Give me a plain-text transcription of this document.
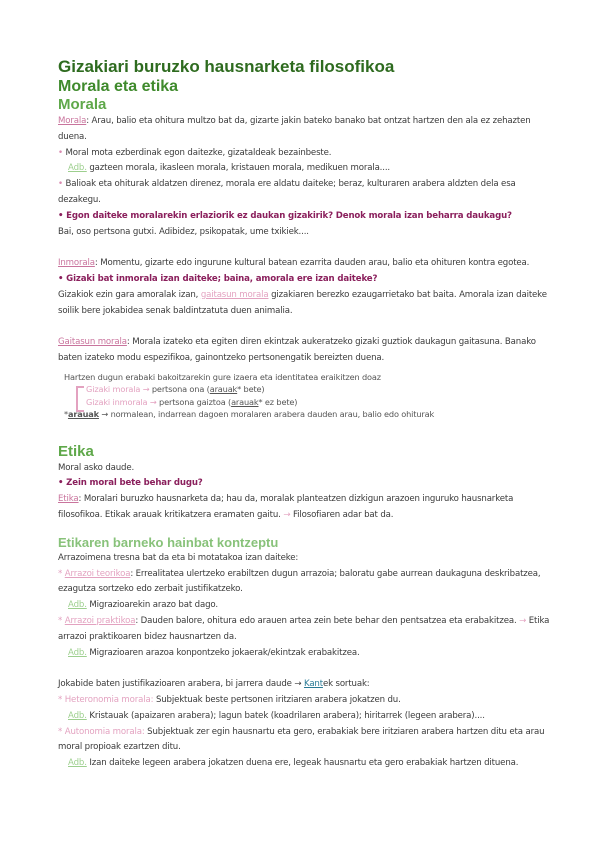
Gizakiari buruzko hausnarketa filosofikoa
Morala eta etika
Morala

Morala: Arau, balio eta ohitura multzo bat da, gizarte jakin bateko banako bat ontzat hartzen den ala ez zehazten duena.

• Moral mota ezberdinak egon daitezke, gizataldeak bezainbeste.

Adb. gazteen morala, ikasleen morala, kristauen morala, medikuen morala....

• Balioak eta ohiturak aldatzen direnez, morala ere aldatu daiteke; beraz, kulturaren arabera aldzten dela esa dezakegu.

• Egon daiteke moralarekin erlaziorik ez daukan gizakirik? Denok morala izan beharra daukagu?

Bai, oso pertsona gutxi. Adibidez, psikopatak, ume txikiek....

Inmorala: Momentu, gizarte edo ingurune kultural batean ezarrita dauden arau, balio eta ohituren kontra egotea.

• Gizaki bat inmorala izan daiteke; baina, amorala ere izan daiteke?

Gizakiok ezin gara amoralak izan, gaitasun morala gizakiaren berezko ezaugarrietako bat baita. Amorala izan daiteke soilik bere jokabidea senak baldintzatuta duen animalia.

Gaitasun morala: Morala izateko eta egiten diren ekintzak aukeratzeko gizaki guztiok daukagun gaitasuna. Banako baten izateko modu espezifikoa, gainontzeko pertsonengatik bereizten duena.

Hartzen dugun erabaki bakoitzarekin gure izaera eta identitatea eraikitzen doaz
Gizaki morala → pertsona ona (arauak* bete)
Gizaki inmorala → pertsona gaiztoa (arauak* ez bete)
*arauak → normalean, indarrean dagoen moralaren arabera dauden arau, balio edo ohiturak
Etika

Moral asko daude.

• Zein moral bete behar dugu?

Etika: Moralari buruzko hausnarketa da; hau da, moralak planteatzen dizkigun arazoen inguruko hausnarketa filosofikoa. Etikak arauak kritikatzera eramaten gaitu. → Filosofiaren adar bat da.

Etikaren barneko hainbat kontzeptu

Arrazoimena tresna bat da eta bi motatakoa izan daiteke:

* Arrazoi teorikoa: Errealitatea ulertzeko erabiltzen dugun arrazoia; baloratu gabe aurrean daukaguna deskribatzea, ezagutza sortzeko edo zerbait justifikatzeko.

Adb. Migrazioarekin arazo bat dago.

* Arrazoi praktikoa: Dauden balore, ohitura edo arauen artea zein bete behar den pentsatzea eta erabakitzea. → Etika arrazoi praktikoaren bidez hausnartzen da.

Adb. Migrazioaren arazoa konpontzeko jokaerak/ekintzak erabakitzea.

Jokabide baten justifikazioaren arabera, bi jarrera daude → Kantek sortuak:

* Heteronomia morala: Subjektuak beste pertsonen iritziaren arabera jokatzen du.

Adb. Kristauak (apaizaren arabera); lagun batek (koadrilaren arabera); hiritarrek (legeen arabera)....

* Autonomia morala: Subjektuak zer egin hausnartu eta gero, erabakiak bere iritziaren arabera hartzen ditu eta arau moral propioak ezartzen ditu.

Adb. Izan daiteke legeen arabera jokatzen duena ere, legeak hausnartu eta gero erabakiak hartzen dituena.
